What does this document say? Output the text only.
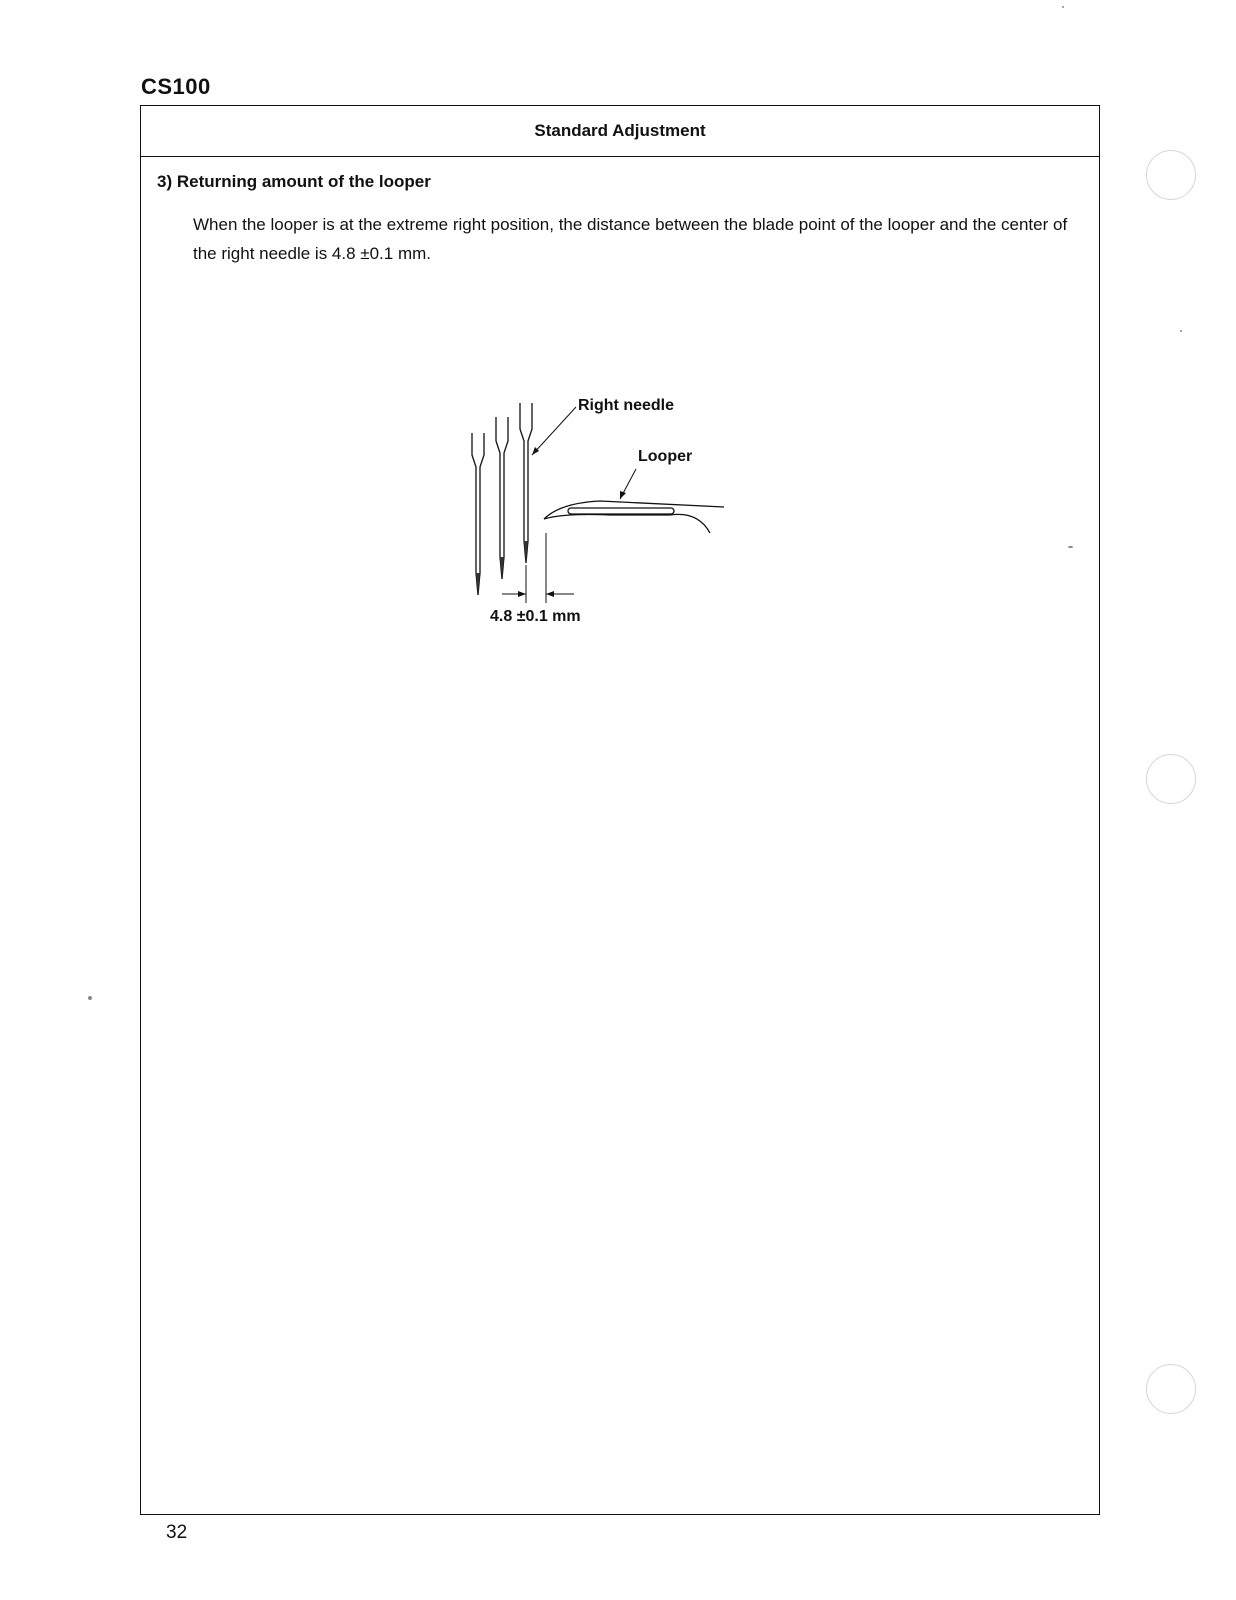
CS100
Standard Adjustment
3) Returning amount of the looper
When the looper is at the extreme right position, the distance between the blade point of the looper and the center of the right needle is 4.8 ±0.1 mm.
Right needle
Looper
4.8 ±0.1 mm
32
